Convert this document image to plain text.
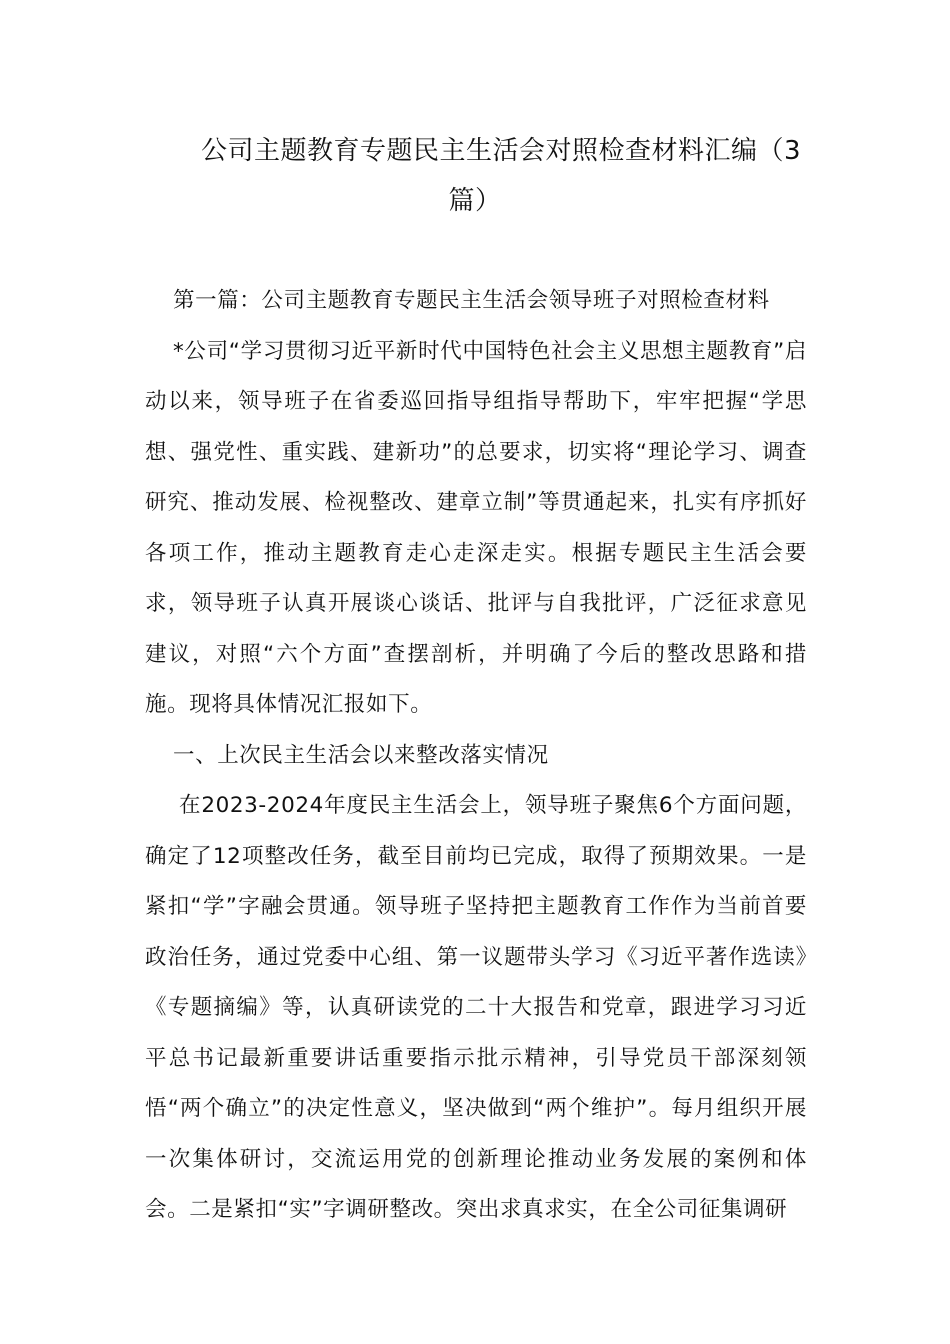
公司主题教育专题民主生活会对照检查材料汇编（3篇）

第一篇：公司主题教育专题民主生活会领导班子对照检查材料

*公司“学习贯彻习近平新时代中国特色社会主义思想主题教育”启动以来，领导班子在省委巡回指导组指导帮助下，牢牢把握“学思想、强党性、重实践、建新功”的总要求，切实将“理论学习、调查研究、推动发展、检视整改、建章立制”等贯通起来，扎实有序抓好各项工作，推动主题教育走心走深走实。根据专题民主生活会要求，领导班子认真开展谈心谈话、批评与自我批评，广泛征求意见建议，对照“六个方面”查摆剖析，并明确了今后的整改思路和措施。现将具体情况汇报如下。

一、上次民主生活会以来整改落实情况

在2023-2024年度民主生活会上，领导班子聚焦6个方面问题，确定了12项整改任务，截至目前均已完成，取得了预期效果。一是紧扣“学”字融会贯通。领导班子坚持把主题教育工作作为当前首要政治任务，通过党委中心组、第一议题带头学习《习近平著作选读》《专题摘编》等，认真研读党的二十大报告和党章，跟进学习习近平总书记最新重要讲话重要指示批示精神，引导党员干部深刻领悟“两个确立”的决定性意义，坚决做到“两个维护”。每月组织开展一次集体研讨，交流运用党的创新理论推动业务发展的案例和体会。二是紧扣“实”字调研整改。突出求真求实，在全公司征集调研
